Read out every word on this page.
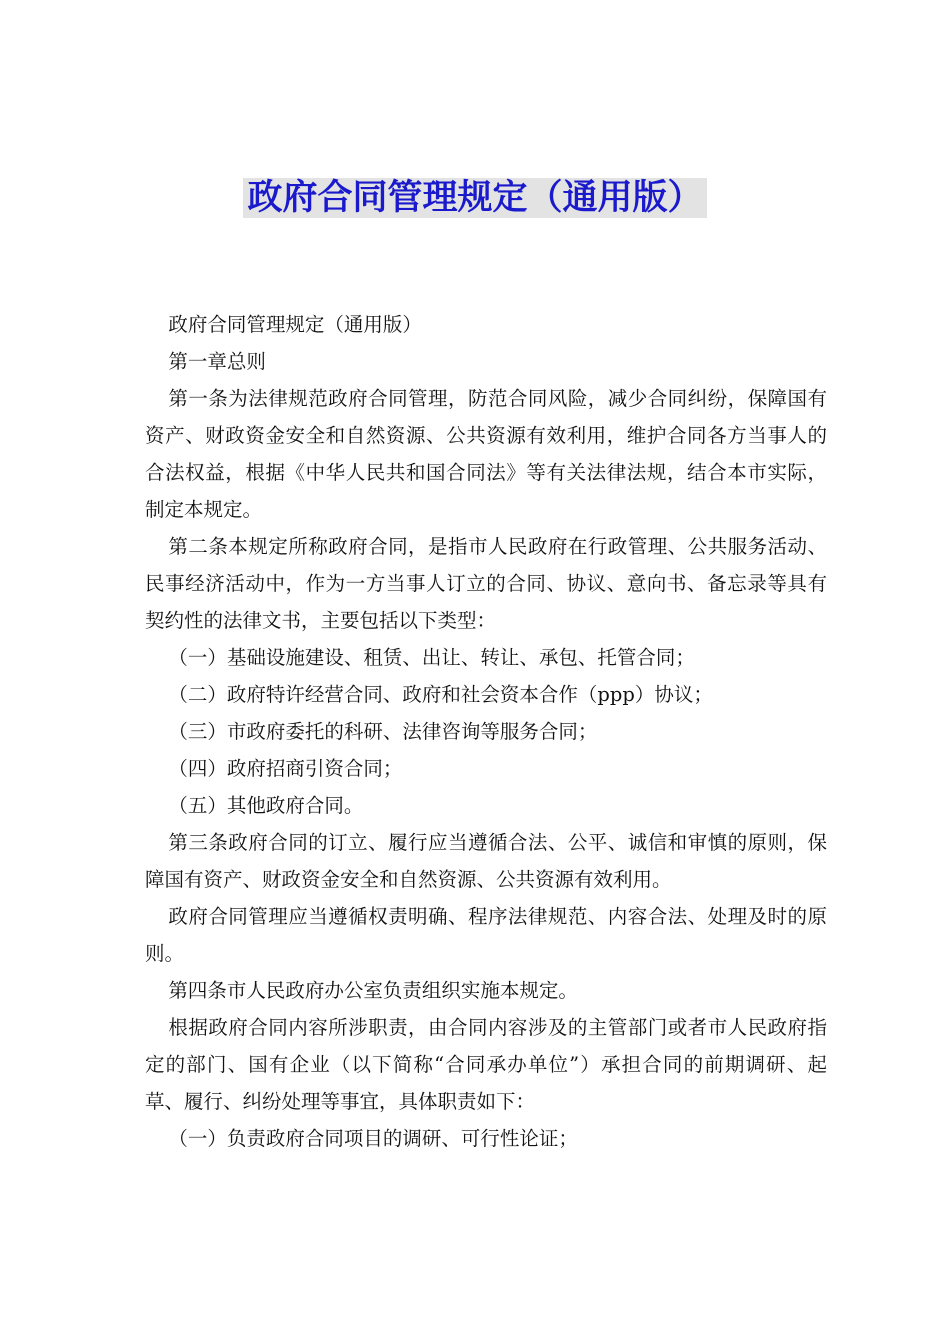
政府合同管理规定（通用版）

政府合同管理规定（通用版）

第一章总则

第一条为法律规范政府合同管理，防范合同风险，减少合同纠纷，保障国有资产、财政资金安全和自然资源、公共资源有效利用，维护合同各方当事人的合法权益，根据《中华人民共和国合同法》等有关法律法规，结合本市实际，制定本规定。

第二条本规定所称政府合同，是指市人民政府在行政管理、公共服务活动、民事经济活动中，作为一方当事人订立的合同、协议、意向书、备忘录等具有契约性的法律文书，主要包括以下类型：

（一）基础设施建设、租赁、出让、转让、承包、托管合同；

（二）政府特许经营合同、政府和社会资本合作（ppp）协议；

（三）市政府委托的科研、法律咨询等服务合同；

（四）政府招商引资合同；

（五）其他政府合同。

第三条政府合同的订立、履行应当遵循合法、公平、诚信和审慎的原则，保障国有资产、财政资金安全和自然资源、公共资源有效利用。

政府合同管理应当遵循权责明确、程序法律规范、内容合法、处理及时的原则。

第四条市人民政府办公室负责组织实施本规定。

根据政府合同内容所涉职责，由合同内容涉及的主管部门或者市人民政府指定的部门、国有企业（以下简称“合同承办单位”）承担合同的前期调研、起草、履行、纠纷处理等事宜，具体职责如下：

（一）负责政府合同项目的调研、可行性论证；
